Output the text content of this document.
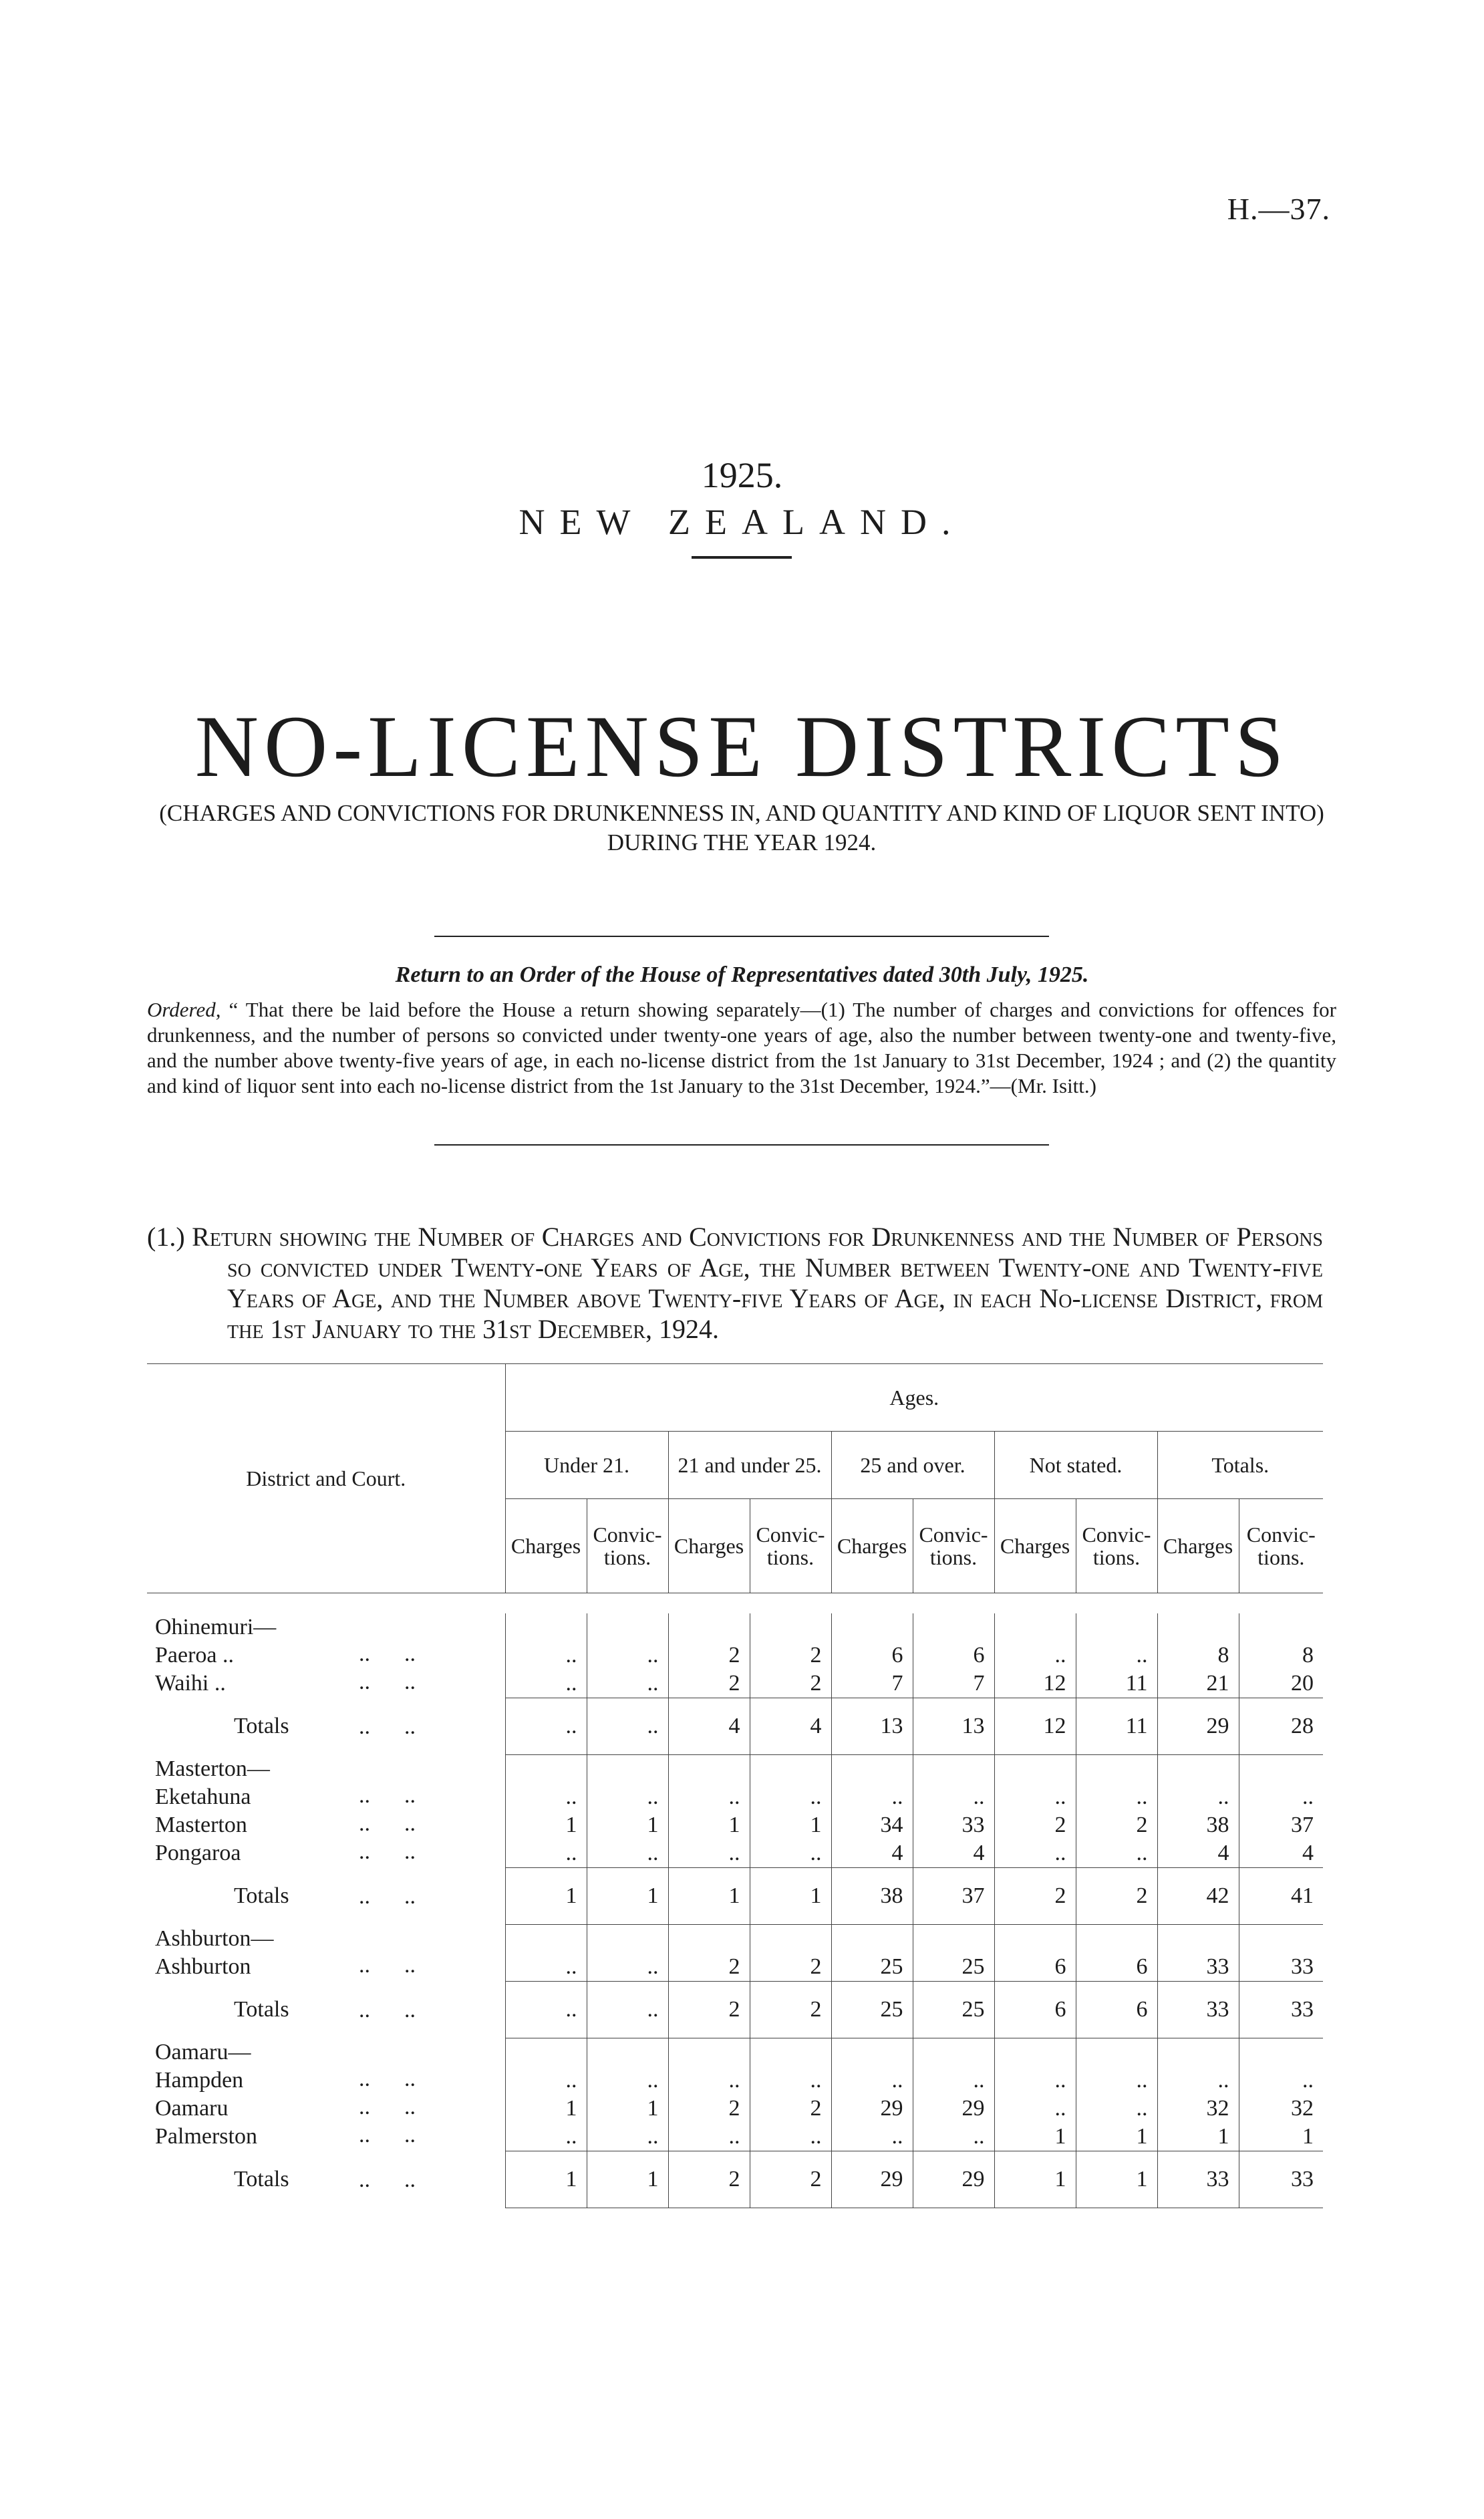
H.—37.
1925.
NEW ZEALAND.
NO-LICENSE DISTRICTS
(CHARGES AND CONVICTIONS FOR DRUNKENNESS IN, AND QUANTITY AND KIND OF LIQUOR SENT INTO) DURING THE YEAR 1924.
Return to an Order of the House of Representatives dated 30th July, 1925.
Ordered, “ That there be laid before the House a return showing separately—(1) The number of charges and convictions for offences for drunkenness, and the number of persons so convicted under twenty-one years of age, also the number between twenty-one and twenty-five, and the number above twenty-five years of age, in each no-license district from the 1st January to 31st December, 1924 ; and (2) the quantity and kind of liquor sent into each no-license district from the 1st January to the 31st December, 1924.”—(Mr. Isitt.)
(1.) Return showing the Number of Charges and Convictions for Drunkenness and the Number of Persons so convicted under Twenty-one Years of Age, the Number between Twenty-one and Twenty-five Years of Age, and the Number above Twenty-five Years of Age, in each No-license District, from the 1st January to the 31st December, 1924.
District and Court.	Ages.									
	Under 21.		21 and under 25.		25 and over.		Not stated.		Totals.	
	Charges	Convic-tions.	Charges	Convic-tions.	Charges	Convic-tions.	Charges	Convic-tions.	Charges	Convic-tions.

Ohinemuri—										
Paeroa .. ..      ..	..	..	2	2	6	6	..	..	8	8
Waihi .. ..      ..	..	..	2	2	7	7	12	11	21	20
Totals ..      ..	..	..	4	4	13	13	12	11	29	28
Masterton—										
Eketahuna ..      ..	..	..	..	..	..	..	..	..	..	..
Masterton ..      ..	1	1	1	1	34	33	2	2	38	37
Pongaroa ..      ..	..	..	..	..	4	4	..	..	4	4
Totals ..      ..	1	1	1	1	38	37	2	2	42	41
Ashburton—										
Ashburton ..      ..	..	..	2	2	25	25	6	6	33	33
Totals ..      ..	..	..	2	2	25	25	6	6	33	33
Oamaru—										
Hampden ..      ..	..	..	..	..	..	..	..	..	..	..
Oamaru ..      ..	1	1	2	2	29	29	..	..	32	32
Palmerston ..      ..	..	..	..	..	..	..	1	1	1	1
Totals ..      ..	1	1	2	2	29	29	1	1	33	33
